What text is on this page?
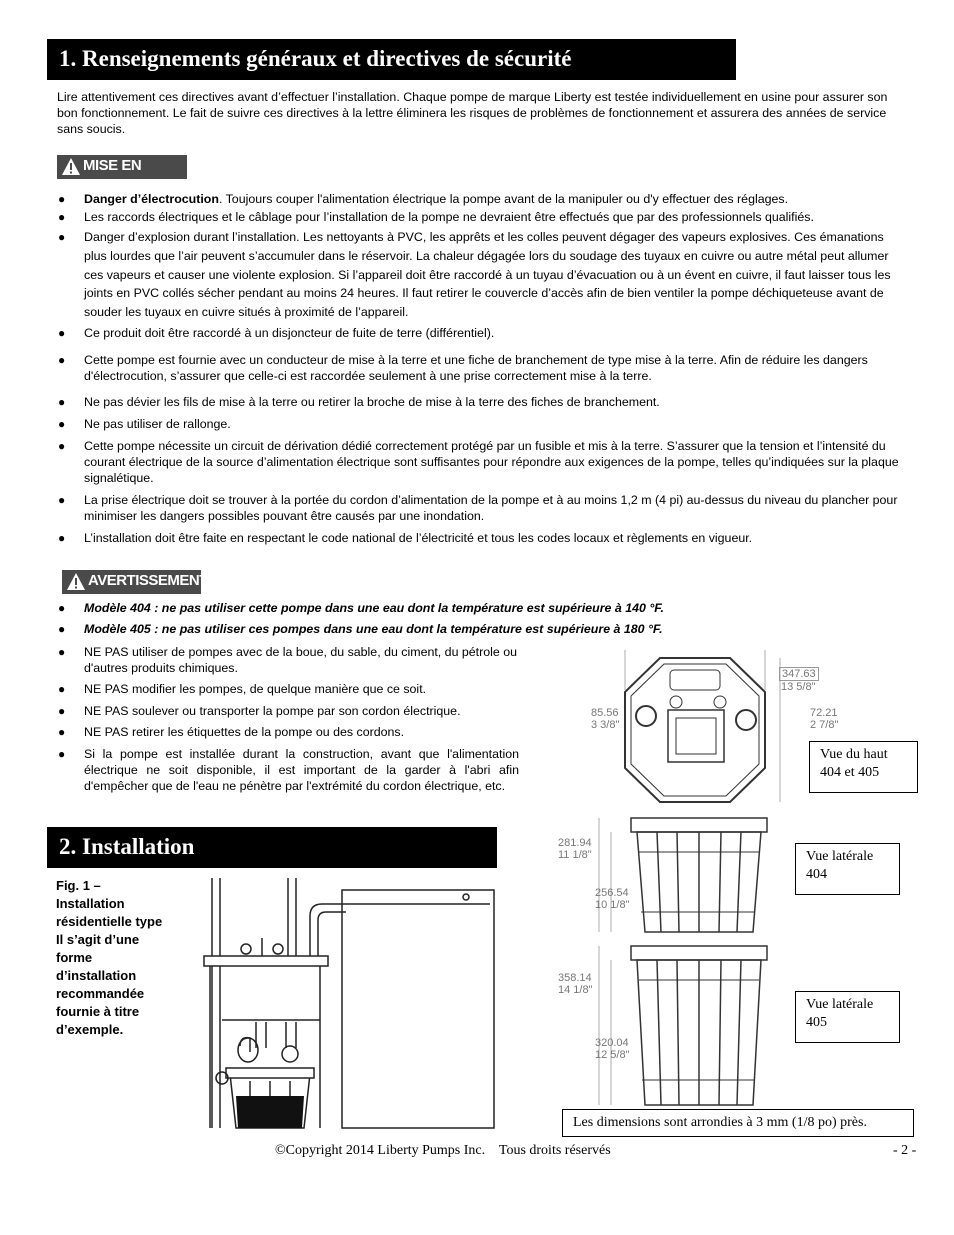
1. Renseignements généraux et directives de sécurité
Lire attentivement ces directives avant d’effectuer l’installation. Chaque pompe de marque Liberty est testée individuellement en usine pour assurer son bon fonctionnement. Le fait de suivre ces directives à la lettre éliminera les risques de problèmes de fonctionnement et assurera des années de service sans soucis.
MISE EN GARDE
● Danger d’électrocution. Toujours couper l'alimentation électrique la pompe avant de la manipuler ou d'y effectuer des réglages.
● Les raccords électriques et le câblage pour l’installation de la pompe ne devraient être effectués que par des professionnels qualifiés.
● Danger d’explosion durant l’installation. Les nettoyants à PVC, les apprêts et les colles peuvent dégager des vapeurs explosives. Ces émanations plus lourdes que l’air peuvent s’accumuler dans le réservoir. La chaleur dégagée lors du soudage des tuyaux en cuivre ou autre métal peut allumer ces vapeurs et causer une violente explosion. Si l’appareil doit être raccordé à un tuyau d’évacuation ou à un évent en cuivre, il faut laisser tous les joints en PVC collés sécher pendant au moins 24 heures. Il faut retirer le couvercle d’accès afin de bien ventiler la pompe déchiqueteuse avant de souder les tuyaux en cuivre situés à proximité de l’appareil.
● Ce produit doit être raccordé à un disjoncteur de fuite de terre (différentiel).
● Cette pompe est fournie avec un conducteur de mise à la terre et une fiche de branchement de type mise à la terre. Afin de réduire les dangers d'électrocution, s’assurer que celle-ci est raccordée seulement à une prise correctement mise à la terre.
● Ne pas dévier les fils de mise à la terre ou retirer la broche de mise à la terre des fiches de branchement.
● Ne pas utiliser de rallonge.
● Cette pompe nécessite un circuit de dérivation dédié correctement protégé par un fusible et mis à la terre. S’assurer que la tension et l’intensité du courant électrique de la source d’alimentation électrique sont suffisantes pour répondre aux exigences de la pompe, telles qu’indiquées sur la plaque signalétique.
● La prise électrique doit se trouver à la portée du cordon d’alimentation de la pompe et à au moins 1,2 m (4 pi) au-dessus du niveau du plancher pour minimiser les dangers possibles pouvant être causés par une inondation.
● L’installation doit être faite en respectant le code national de l’électricité et tous les codes locaux et règlements en vigueur.
AVERTISSEMENT
● Modèle 404 : ne pas utiliser cette pompe dans une eau dont la température est supérieure à 140 °F.
● Modèle 405 : ne pas utiliser ces pompes dans une eau dont la température est supérieure à 180 °F.
● NE PAS utiliser de pompes avec de la boue, du sable, du ciment, du pétrole ou d'autres produits chimiques.
● NE PAS modifier les pompes, de quelque manière que ce soit.
● NE PAS soulever ou transporter la pompe par son cordon électrique.
● NE PAS retirer les étiquettes de la pompe ou des cordons.
● Si la pompe est installée durant la construction, avant que l'alimentation électrique ne soit disponible, il est important de la garder à l'abri afin d'empêcher que de l'eau ne pénètre par l'extrémité du cordon électrique, etc.
2. Installation
Fig. 1 – Installation résidentielle type Il s’agit d’une forme d’installation recommandée fournie à titre d’exemple.
347.63
13 5/8"
85.56
3 3/8"
72.21
2 7/8"
Vue du haut 404 et 405
281.94
11 1/8"
256.54
10 1/8"
Vue latérale 404
358.14
14 1/8"
320.04
12 5/8"
Vue latérale 405
Les dimensions sont arrondies à 3 mm (1/8 po) près.
©Copyright 2014 Liberty Pumps Inc.    Tous droits réservés	- 2 -
